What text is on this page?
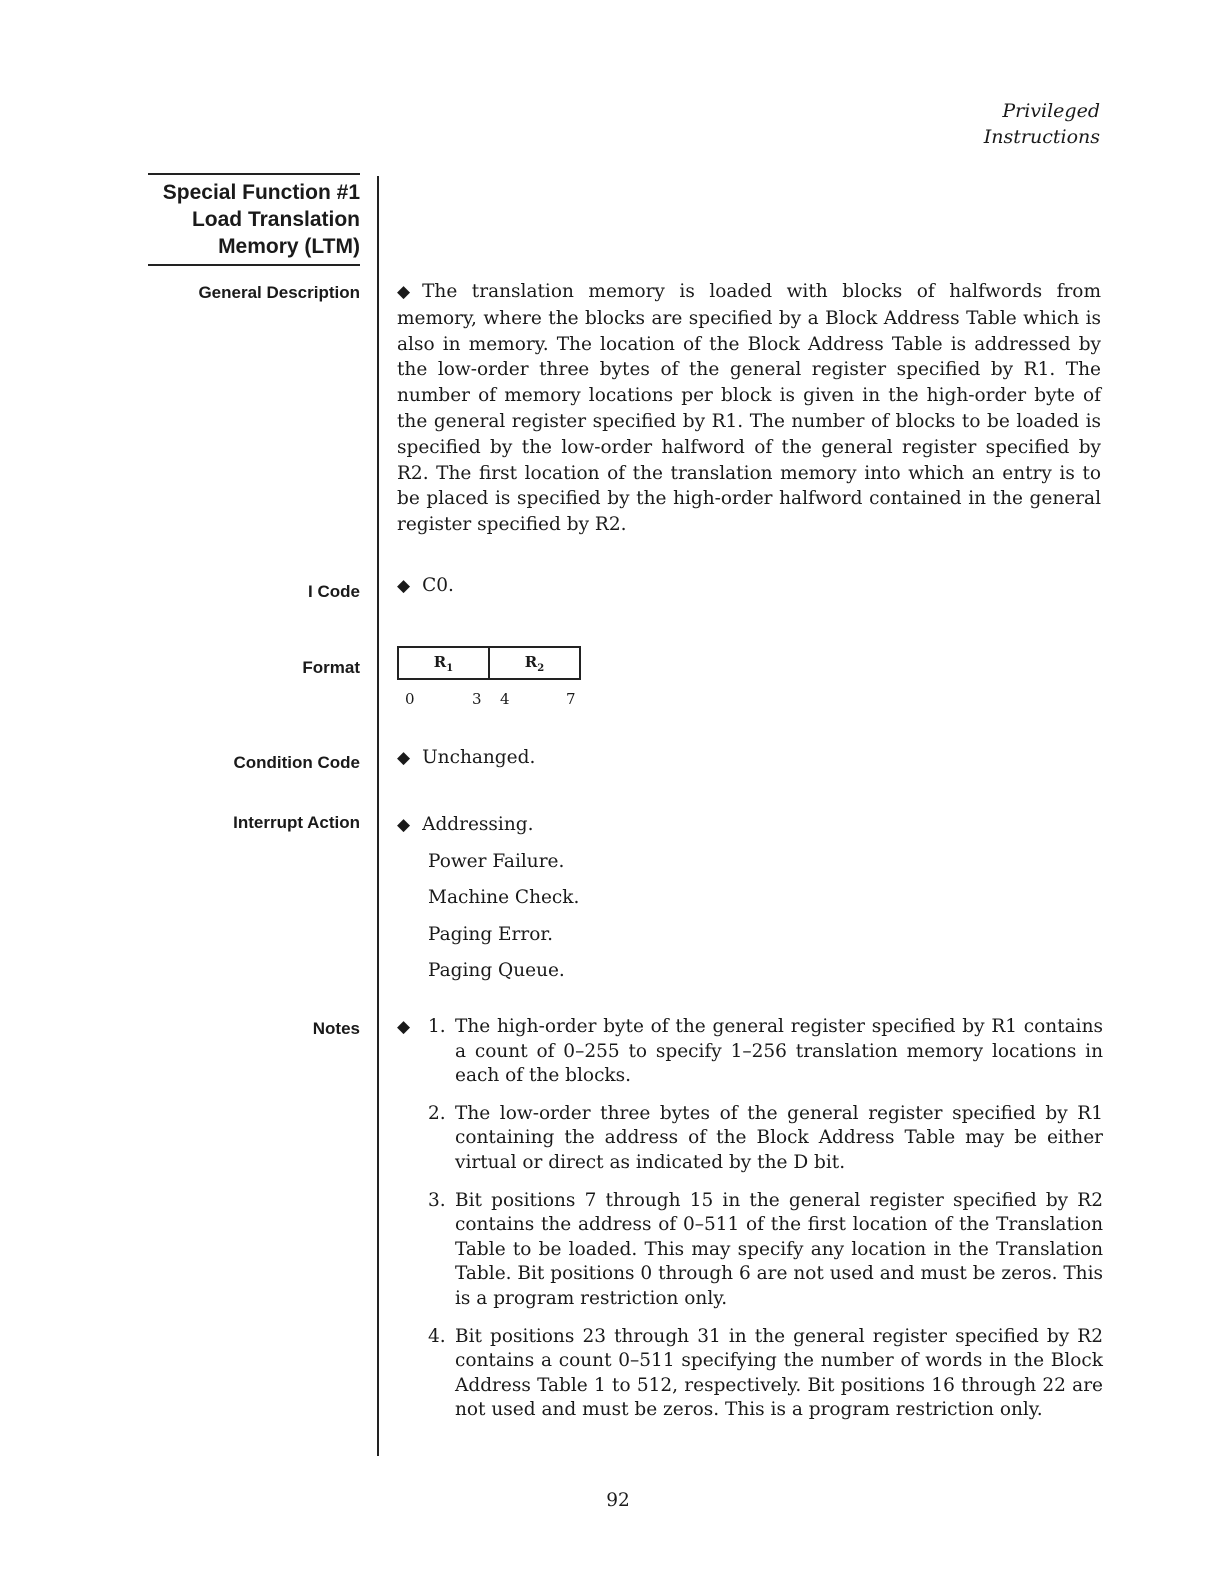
Privileged
Instructions
Special Function #1
Load Translation
Memory (LTM)
General Description ◆ The translation memory is loaded with blocks of halfwords from memory, where the blocks are specified by a Block Address Table which is also in memory. The location of the Block Address Table is addressed by the low-order three bytes of the general register specified by R1. The number of memory locations per block is given in the high-order byte of the general register specified by R1. The number of blocks to be loaded is specified by the low-order halfword of the general register specified by R2. The first location of the translation memory into which an entry is to be placed is specified by the high-order halfword contained in the general register specified by R2.
I Code ◆ C0.
Format	$R_1$	$R_2$
0	3 4	7
Condition Code ◆ Unchanged.
Interrupt Action ◆ Addressing.
Power Failure.
Machine Check.
Paging Error.
Paging Queue.
Notes ◆ 1. The high-order byte of the general register specified by R1 contains a count of 0–255 to specify 1–256 translation memory locations in each of the blocks.
2. The low-order three bytes of the general register specified by R1 containing the address of the Block Address Table may be either virtual or direct as indicated by the D bit.
3. Bit positions 7 through 15 in the general register specified by R2 contains the address of 0–511 of the first location of the Translation Table to be loaded. This may specify any location in the Translation Table. Bit positions 0 through 6 are not used and must be zeros. This is a program restriction only.
4. Bit positions 23 through 31 in the general register specified by R2 contains a count 0–511 specifying the number of words in the Block Address Table 1 to 512, respectively. Bit positions 16 through 22 are not used and must be zeros. This is a program restriction only.
92
